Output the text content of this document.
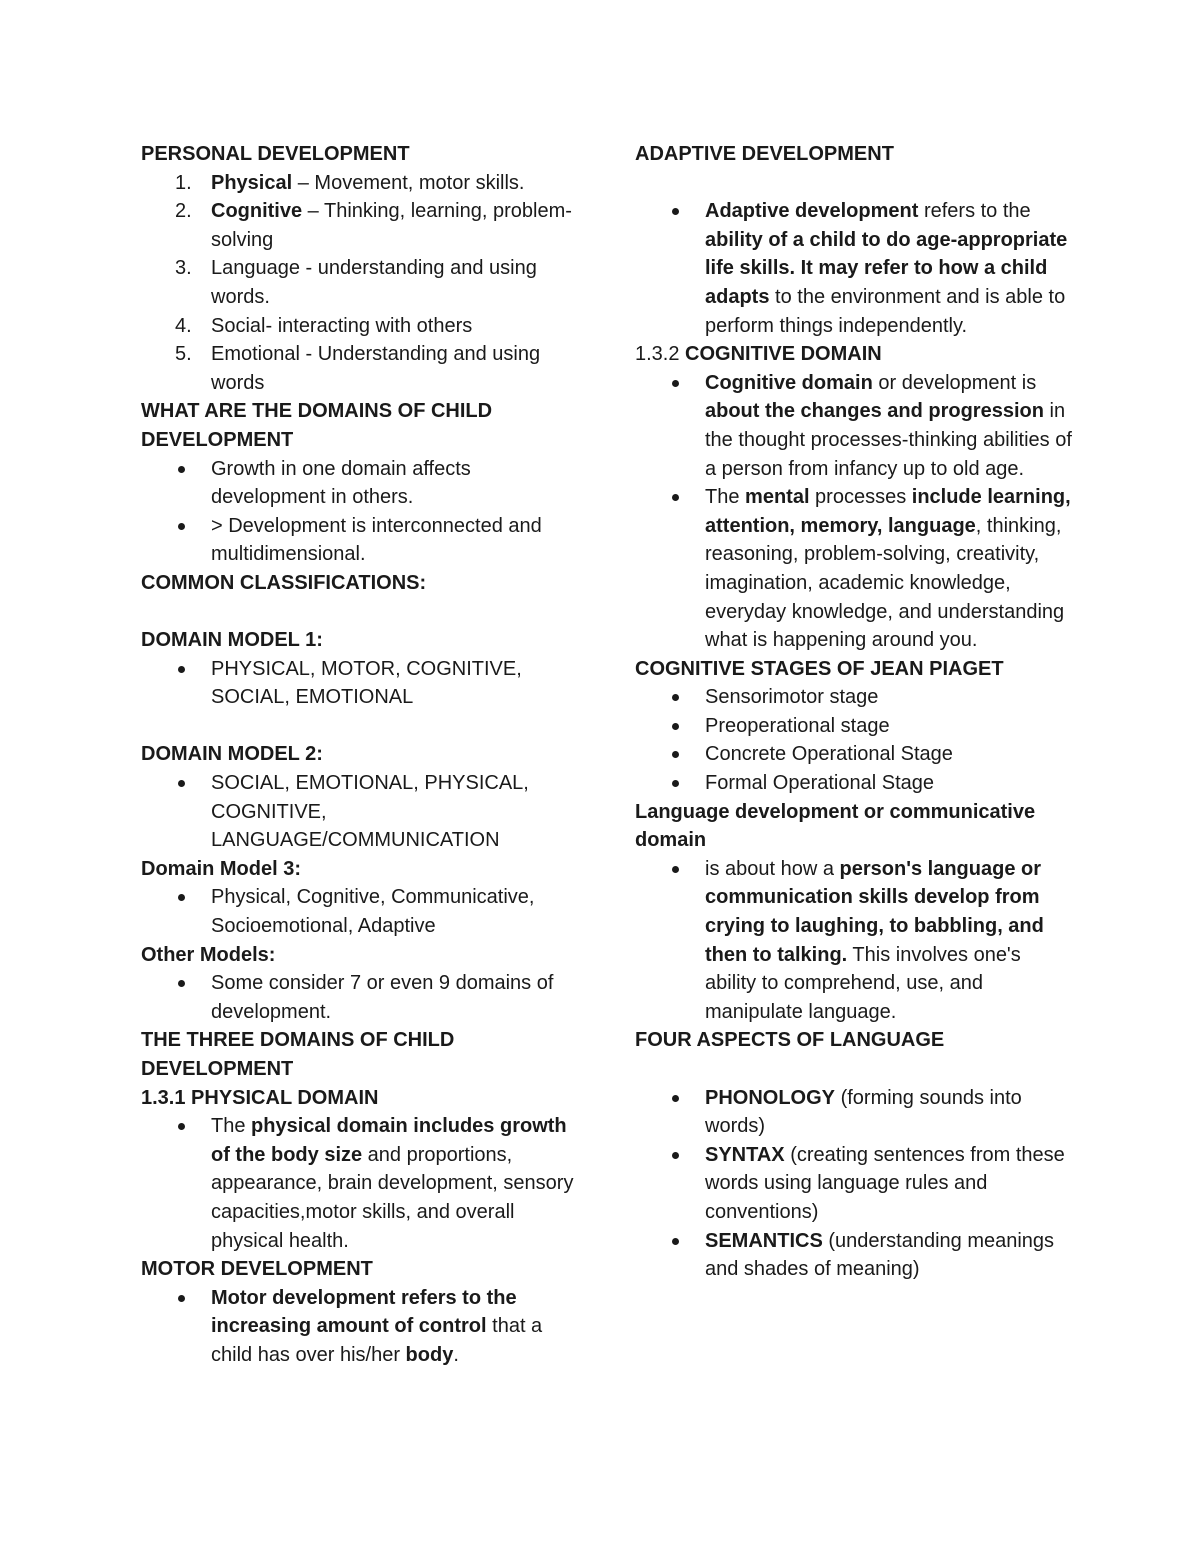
PERSONAL DEVELOPMENT

1. Physical – Movement, motor skills.
2. Cognitive – Thinking, learning, problem-solving
3. Language - understanding and using words.
4. Social- interacting with others
5. Emotional - Understanding and using words

WHAT ARE THE DOMAINS OF CHILD DEVELOPMENT

Growth in one domain affects development in others.
> Development is interconnected and multidimensional.

COMMON CLASSIFICATIONS:

DOMAIN MODEL 1:

PHYSICAL, MOTOR, COGNITIVE, SOCIAL, EMOTIONAL

DOMAIN MODEL 2:

SOCIAL, EMOTIONAL, PHYSICAL, COGNITIVE, LANGUAGE/COMMUNICATION

Domain Model 3:

Physical, Cognitive, Communicative, Socioemotional, Adaptive

Other Models:

Some consider 7 or even 9 domains of development.

THE THREE DOMAINS OF CHILD DEVELOPMENT

1.3.1 PHYSICAL DOMAIN

The physical domain includes growth of the body size and proportions, appearance, brain development, sensory capacities,motor skills, and overall physical health.

MOTOR DEVELOPMENT

Motor development refers to the increasing amount of control that a child has over his/her body.

ADAPTIVE DEVELOPMENT

Adaptive development refers to the ability of a child to do age-appropriate life skills. It may refer to how a child adapts to the environment and is able to perform things independently.

1.3.2 COGNITIVE DOMAIN

Cognitive domain or development is about the changes and progression in the thought processes-thinking abilities of a person from infancy up to old age.
The mental processes include learning, attention, memory, language, thinking, reasoning, problem-solving, creativity, imagination, academic knowledge, everyday knowledge, and understanding what is happening around you.

COGNITIVE STAGES OF JEAN PIAGET

Sensorimotor stage
Preoperational stage
Concrete Operational Stage
Formal Operational Stage

Language development or communicative domain

is about how a person's language or communication skills develop from crying to laughing, to babbling, and then to talking. This involves one's ability to comprehend, use, and manipulate language.

FOUR ASPECTS OF LANGUAGE

PHONOLOGY (forming sounds into words)
SYNTAX (creating sentences from these words using language rules and conventions)
SEMANTICS (understanding meanings and shades of meaning)
